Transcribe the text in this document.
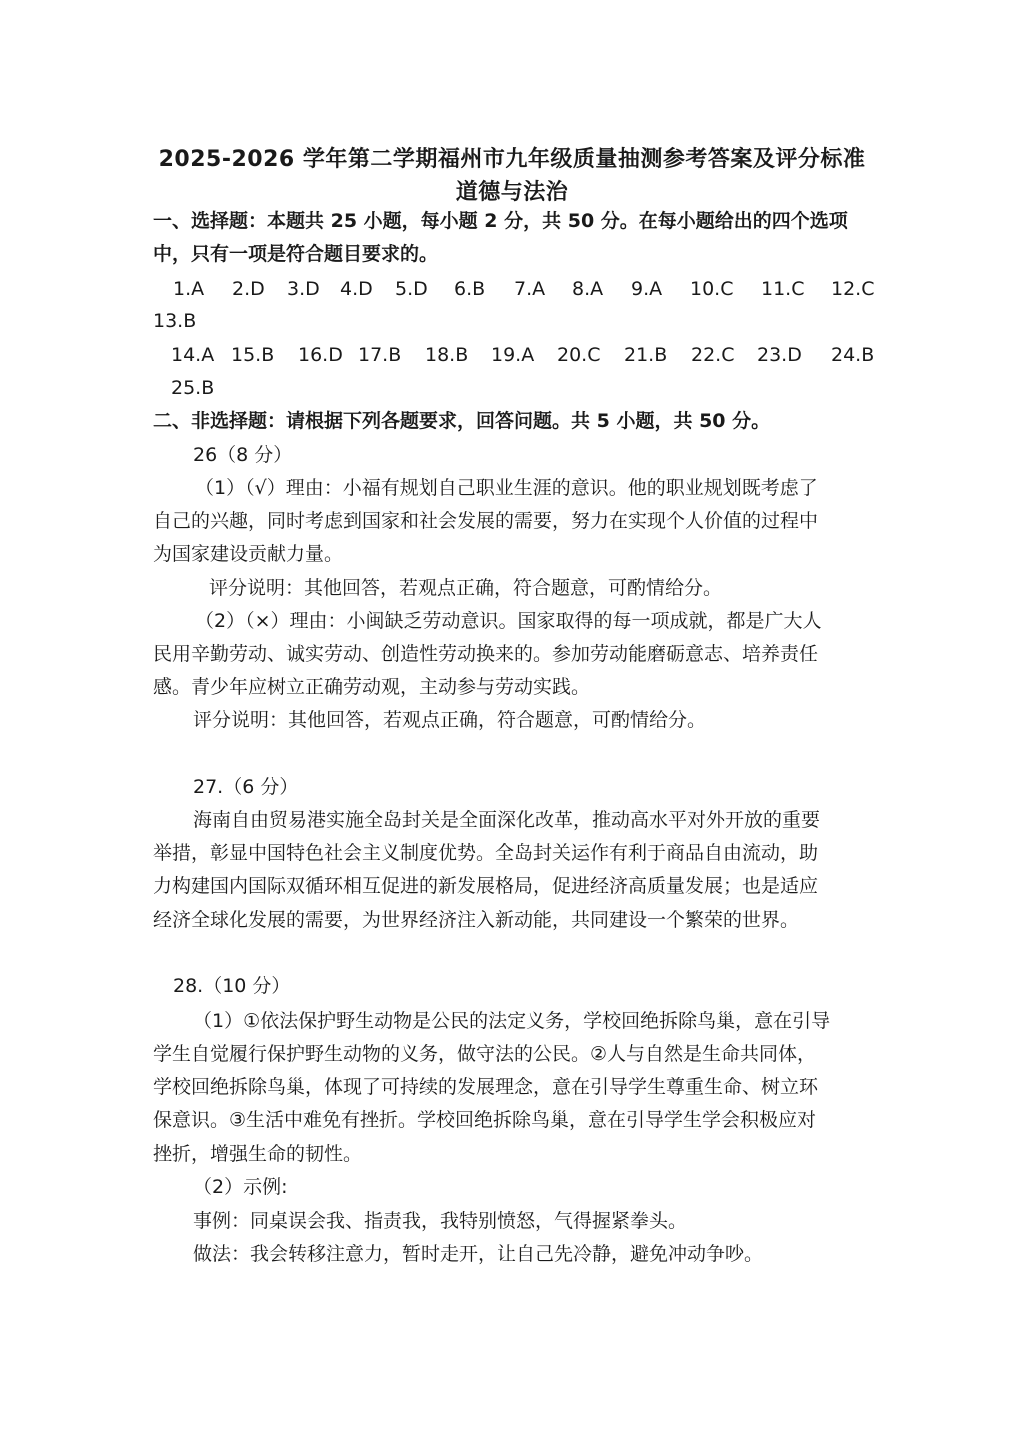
2025-2026 学年第二学期福州市九年级质量抽测参考答案及评分标准
道德与法治

一、选择题：本题共 25 小题，每小题 2 分，共 50 分。在每小题给出的四个选项

中，只有一项是符合题目要求的。

1.A 2.D 3.D 4.D 5.D 6.B 7.A 8.A 9.A 10.C 11.C 12.C

13.B

14.A 15.B 16.D 17.B 18.B 19.A 20.C 21.B 22.C 23.D 24.B

25.B

二、非选择题：请根据下列各题要求，回答问题。共 5 小题，共 50 分。

26（8 分）

（1）（√）理由：小福有规划自己职业生涯的意识。他的职业规划既考虑了

自己的兴趣，同时考虑到国家和社会发展的需要，努力在实现个人价值的过程中

为国家建设贡献力量。

评分说明：其他回答，若观点正确，符合题意，可酌情给分。

（2）（×）理由：小闽缺乏劳动意识。国家取得的每一项成就，都是广大人

民用辛勤劳动、诚实劳动、创造性劳动换来的。参加劳动能磨砺意志、培养责任

感。青少年应树立正确劳动观，主动参与劳动实践。

评分说明：其他回答，若观点正确，符合题意，可酌情给分。

27.（6 分）

海南自由贸易港实施全岛封关是全面深化改革，推动高水平对外开放的重要

举措，彰显中国特色社会主义制度优势。全岛封关运作有利于商品自由流动，助

力构建国内国际双循环相互促进的新发展格局，促进经济高质量发展；也是适应

经济全球化发展的需要，为世界经济注入新动能，共同建设一个繁荣的世界。

28.（10 分）

（1）①依法保护野生动物是公民的法定义务，学校回绝拆除鸟巢，意在引导

学生自觉履行保护野生动物的义务，做守法的公民。②人与自然是生命共同体，

学校回绝拆除鸟巢，体现了可持续的发展理念，意在引导学生尊重生命、树立环

保意识。③生活中难免有挫折。学校回绝拆除鸟巢，意在引导学生学会积极应对

挫折，增强生命的韧性。

（2）示例:

事例：同桌误会我、指责我，我特别愤怒，气得握紧拳头。

做法：我会转移注意力，暂时走开，让自己先冷静，避免冲动争吵。
